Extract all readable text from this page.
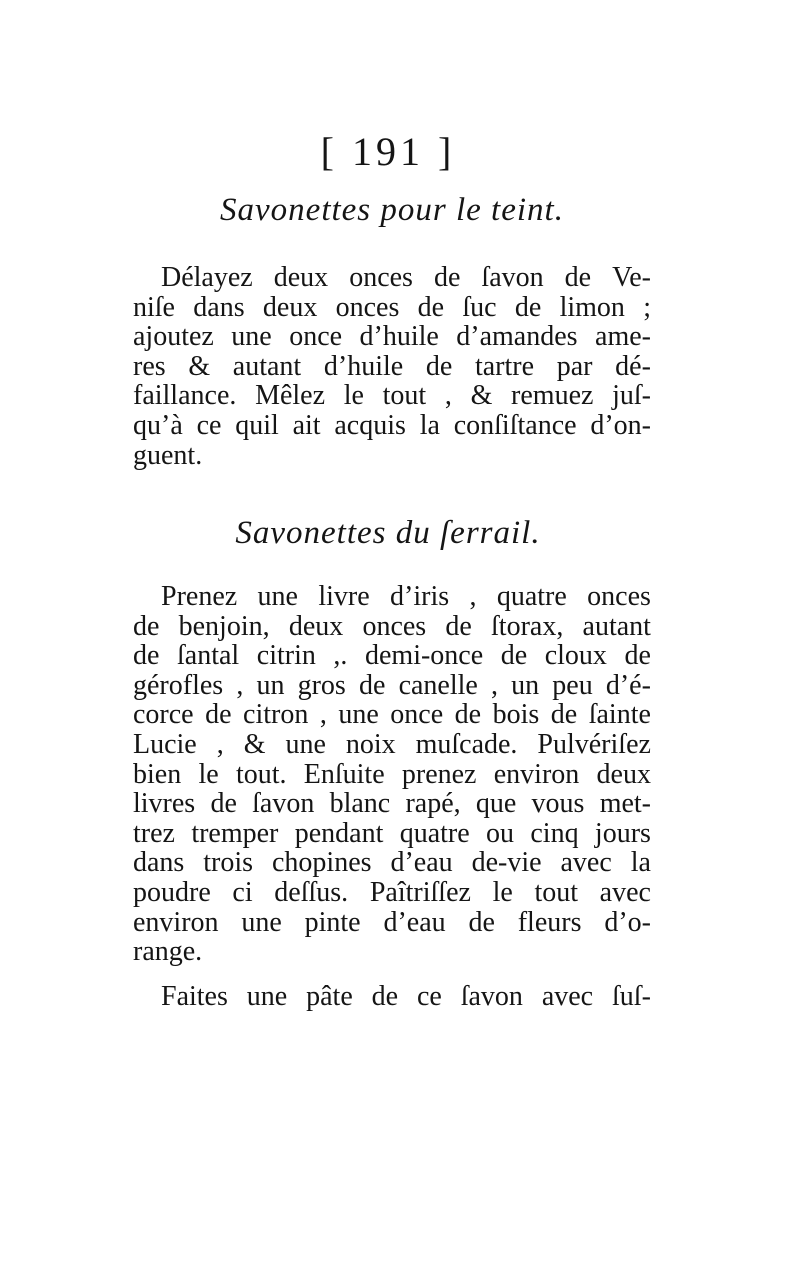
[ 191 ]
Savonettes pour le teint.
Délayez deux onces de ſavon de Ve-
niſe dans deux onces de ſuc de limon ;
ajoutez une once d’huile d’amandes ame-
res & autant d’huile de tartre par dé-
faillance. Mêlez le tout , & remuez juſ-
qu’à ce quil ait acquis la conſiſtance d’on-
guent.
Savonettes du ſerrail.
Prenez une livre d’iris , quatre onces
de benjoin, deux onces de ſtorax, autant
de ſantal citrin ,. demi-once de cloux de
gérofles , un gros de canelle , un peu d’é-
corce de citron , une once de bois de ſainte
Lucie , & une noix muſcade. Pulvériſez
bien le tout. Enſuite prenez environ deux
livres de ſavon blanc rapé, que vous met-
trez tremper pendant quatre ou cinq jours
dans trois chopines d’eau de-vie avec la
poudre ci deſſus. Paîtriſſez le tout avec
environ une pinte d’eau de fleurs d’o-
range.
Faites une pâte de ce ſavon avec ſuſ-
